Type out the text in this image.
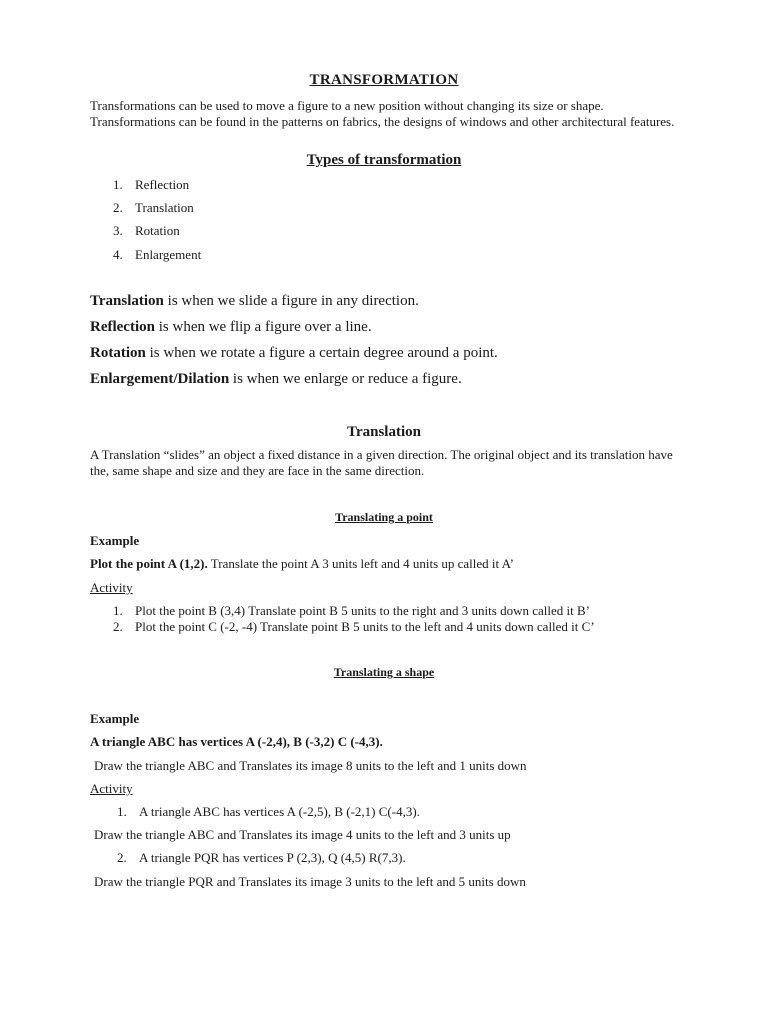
TRANSFORMATION
Transformations can be used to move a figure to a new position without changing its size or shape. Transformations can be found in the patterns on fabrics, the designs of windows and other architectural features.
Types of transformation
1. Reflection
2. Translation
3. Rotation
4. Enlargement
Translation is when we slide a figure in any direction.
Reflection is when we flip a figure over a line.
Rotation is when we rotate a figure a certain degree around a point.
Enlargement/Dilation is when we enlarge or reduce a figure.
Translation
A Translation “slides” an object a fixed distance in a given direction. The original object and its translation have the, same shape and size and they are face in the same direction.
Translating a point
Example
Plot the point A (1,2). Translate the point A 3 units left and 4 units up called it A’
Activity
1. Plot the point B (3,4) Translate point B 5 units to the right and 3 units down called it B’
2. Plot the point C (-2, -4) Translate point B 5 units to the left and 4 units down called it C’
Translating a shape
Example
A triangle ABC has vertices A (-2,4), B (-3,2) C (-4,3).
Draw the triangle ABC and Translates its image 8 units to the left and 1 units down
Activity
1. A triangle ABC has vertices A (-2,5), B (-2,1) C(-4,3).
Draw the triangle ABC and Translates its image 4 units to the left and 3 units up
2. A triangle PQR has vertices P (2,3), Q (4,5) R(7,3).
Draw the triangle PQR and Translates its image 3 units to the left and 5 units down
